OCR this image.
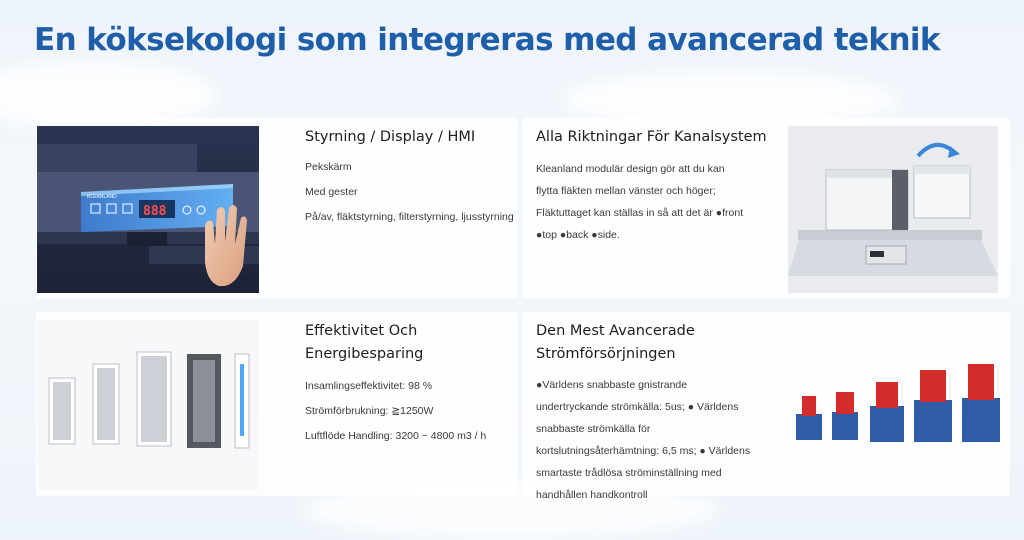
En köksekologi som integreras med avancerad teknik
KLEANLAND
888
Styrning / Display / HMI

Pekskärm

Med gester

På/av, fläktstyrning, filterstyrning, ljusstyrning

Alla Riktningar För Kanalsystem

Kleanland modulär design gör att du kan flytta fläkten mellan vänster och höger; Fläktuttaget kan ställas in så att det är ●front ●top ●back ●side.

Effektivitet Och Energibesparing

Insamlingseffektivitet: 98 %

Strömförbrukning: ≧1250W

Luftflöde Handling: 3200 ~ 4800 m3 / h

Den Mest Avancerade Strömförsörjningen

●Världens snabbaste gnistrande undertryckande strömkälla: 5us; ● Världens snabbaste strömkälla för kortslutningsåterhämtning: 6,5 ms; ● Världens smartaste trådlösa ströminställning med handhållen handkontroll
